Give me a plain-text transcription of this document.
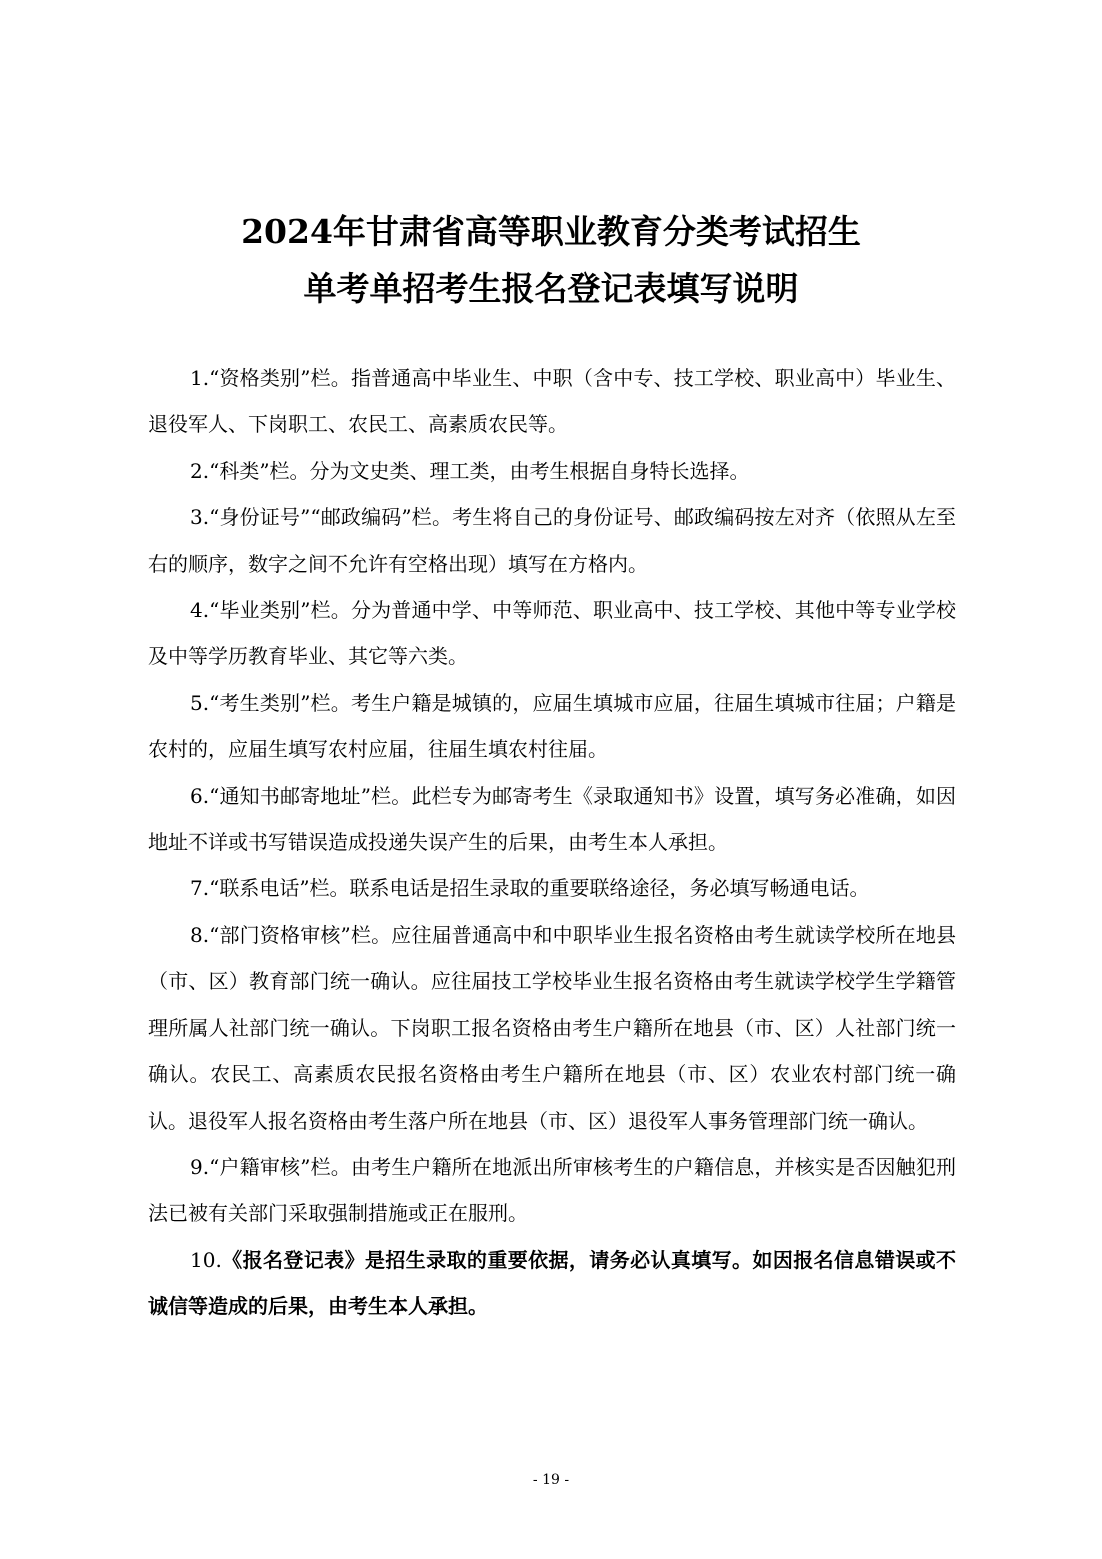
2024年甘肃省高等职业教育分类考试招生
单考单招考生报名登记表填写说明

1.“资格类别”栏。指普通高中毕业生、中职（含中专、技工学校、职业高中）毕业生、退役军人、下岗职工、农民工、高素质农民等。

2.“科类”栏。分为文史类、理工类，由考生根据自身特长选择。

3.“身份证号”“邮政编码”栏。考生将自己的身份证号、邮政编码按左对齐（依照从左至右的顺序，数字之间不允许有空格出现）填写在方格内。

4.“毕业类别”栏。分为普通中学、中等师范、职业高中、技工学校、其他中等专业学校及中等学历教育毕业、其它等六类。

5.“考生类别”栏。考生户籍是城镇的，应届生填城市应届，往届生填城市往届；户籍是农村的，应届生填写农村应届，往届生填农村往届。

6.“通知书邮寄地址”栏。此栏专为邮寄考生《录取通知书》设置，填写务必准确，如因地址不详或书写错误造成投递失误产生的后果，由考生本人承担。

7.“联系电话”栏。联系电话是招生录取的重要联络途径，务必填写畅通电话。

8.“部门资格审核”栏。应往届普通高中和中职毕业生报名资格由考生就读学校所在地县（市、区）教育部门统一确认。应往届技工学校毕业生报名资格由考生就读学校学生学籍管理所属人社部门统一确认。下岗职工报名资格由考生户籍所在地县（市、区）人社部门统一确认。农民工、高素质农民报名资格由考生户籍所在地县（市、区）农业农村部门统一确认。退役军人报名资格由考生落户所在地县（市、区）退役军人事务管理部门统一确认。

9.“户籍审核”栏。由考生户籍所在地派出所审核考生的户籍信息，并核实是否因触犯刑法已被有关部门采取强制措施或正在服刑。

10.《报名登记表》是招生录取的重要依据，请务必认真填写。如因报名信息错误或不诚信等造成的后果，由考生本人承担。

- 19 -
